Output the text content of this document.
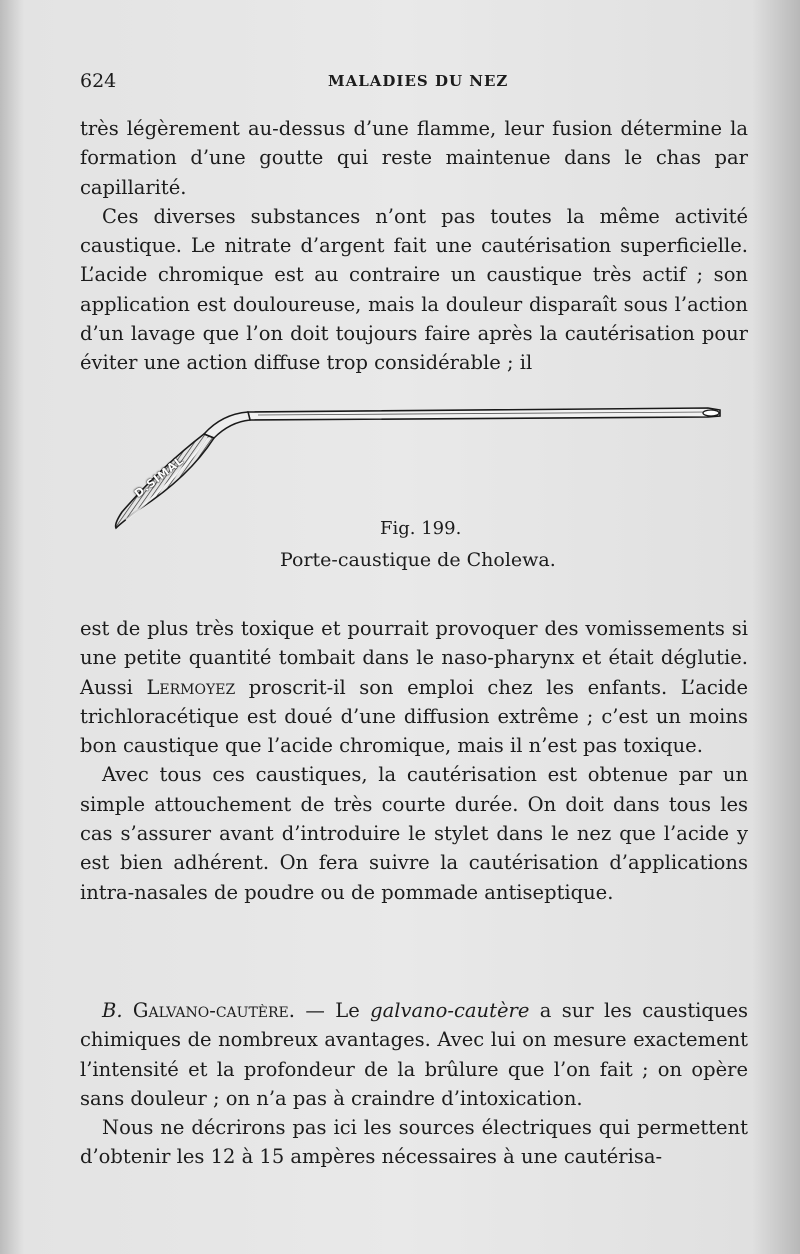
624	MALADIES DU NEZ

très légèrement au-dessus d’une flamme, leur fusion détermine la formation d’une goutte qui reste maintenue dans le chas par capillarité.

Ces diverses substances n’ont pas toutes la même activité caustique. Le nitrate d’argent fait une cautérisation superficielle. L’acide chromique est au contraire un caustique très actif ; son application est douloureuse, mais la douleur disparaît sous l’action d’un lavage que l’on doit toujours faire après la cautérisation pour éviter une action diffuse trop considérable ; il

D.SIMAL
Fig. 199.
Porte-caustique de Cholewa.

est de plus très toxique et pourrait provoquer des vomissements si une petite quantité tombait dans le naso-pharynx et était déglutie. Aussi Lermoyez proscrit-il son emploi chez les enfants. L’acide trichloracétique est doué d’une diffusion extrême ; c’est un moins bon caustique que l’acide chromique, mais il n’est pas toxique.

Avec tous ces caustiques, la cautérisation est obtenue par un simple attouchement de très courte durée. On doit dans tous les cas s’assurer avant d’introduire le stylet dans le nez que l’acide y est bien adhérent. On fera suivre la cautérisation d’applications intra-nasales de poudre ou de pommade antiseptique.

B. Galvano-cautère. — Le galvano-cautère a sur les caustiques chimiques de nombreux avantages. Avec lui on mesure exactement l’intensité et la profondeur de la brûlure que l’on fait ; on opère sans douleur ; on n’a pas à craindre d’intoxication.

Nous ne décrirons pas ici les sources électriques qui permettent d’obtenir les 12 à 15 ampères nécessaires à une cautérisa-
